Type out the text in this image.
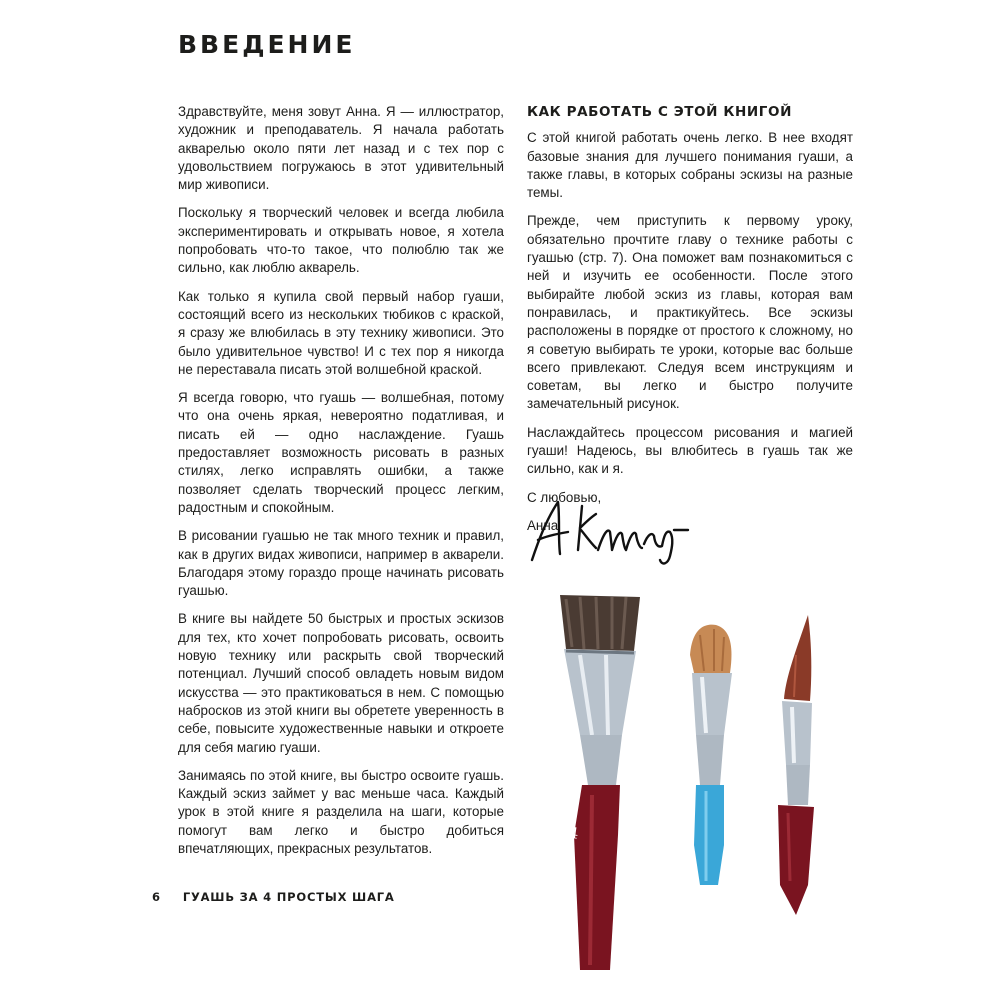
ВВЕДЕНИЕ

Здравствуйте, меня зовут Анна. Я — иллюстратор, художник и преподаватель. Я начала работать акварелью около пяти лет назад и с тех пор с удовольствием погружаюсь в этот удивительный мир живописи.

Поскольку я творческий человек и всегда любила экспериментировать и открывать новое, я хотела попробовать что-то такое, что полюблю так же сильно, как люблю акварель.

Как только я купила свой первый набор гуаши, состоящий всего из нескольких тюбиков с краской, я сразу же влюбилась в эту технику живописи. Это было удивительное чувство! И с тех пор я никогда не переставала писать этой волшебной краской.

Я всегда говорю, что гуашь — волшебная, потому что она очень яркая, невероятно податливая, и писать ей — одно наслаждение. Гуашь предоставляет возможность рисовать в разных стилях, легко исправлять ошибки, а также позволяет сделать творческий процесс легким, радостным и спокойным.

В рисовании гуашью не так много техник и правил, как в других видах живописи, например в акварели. Благодаря этому гораздо проще начинать рисовать гуашью.

В книге вы найдете 50 быстрых и простых эскизов для тех, кто хочет попробовать рисовать, освоить новую технику или раскрыть свой творческий потенциал. Лучший способ овладеть новым видом искусства — это практиковаться в нем. С помощью набросков из этой книги вы обретете уверенность в себе, повысите художественные навыки и откроете для себя магию гуаши.

Занимаясь по этой книге, вы быстро освоите гуашь. Каждый эскиз займет у вас меньше часа. Каждый урок в этой книге я разделила на шаги, которые помогут вам легко и быстро добиться впечатляющих, прекрасных результатов.

КАК РАБОТАТЬ С ЭТОЙ КНИГОЙ

С этой книгой работать очень легко. В нее входят базовые знания для лучшего понимания гуаши, а также главы, в которых собраны эскизы на разные темы.

Прежде, чем приступить к первому уроку, обязательно прочтите главу о технике работы с гуашью (стр. 7). Она поможет вам познакомиться с ней и изучить ее особенности. После этого выбирайте любой эскиз из главы, которая вам понравилась, и практикуйтесь. Все эскизы расположены в порядке от простого к сложному, но я советую выбирать те уроки, которые вас больше всего привлекают. Следуя всем инструкциям и советам, вы легко и быстро получите замечательный рисунок.

Наслаждайтесь процессом рисования и магией гуаши! Надеюсь, вы влюбитесь в гуашь так же сильно, как и я.

С любовью,

Анна

3/4	10
10
6 ГУАШЬ ЗА 4 ПРОСТЫХ ШАГА
